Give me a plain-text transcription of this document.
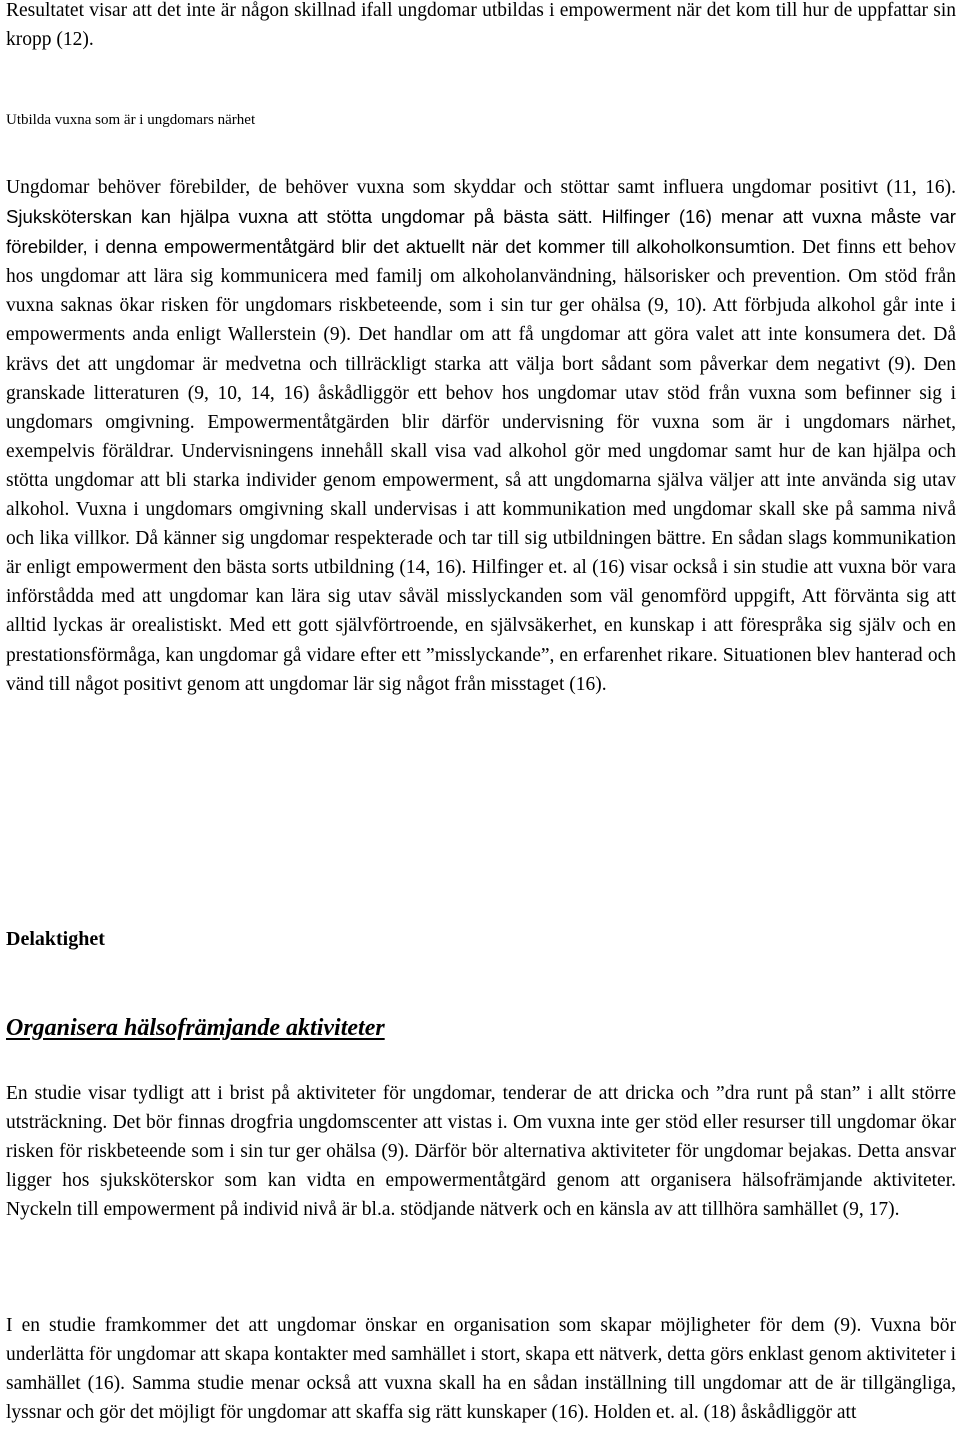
Resultatet visar att det inte är någon skillnad ifall ungdomar utbildas i empowerment när det kom till hur de uppfattar sin kropp (12).

Utbilda vuxna som är i ungdomars närhet

Ungdomar behöver förebilder, de behöver vuxna som skyddar och stöttar samt influera ungdomar positivt (11, 16). Sjuksköterskan kan hjälpa vuxna att stötta ungdomar på bästa sätt. Hilfinger (16) menar att vuxna måste var förebilder, i denna empowermentåtgärd blir det aktuellt när det kommer till alkoholkonsumtion. Det finns ett behov hos ungdomar att lära sig kommunicera med familj om alkoholanvändning, hälsorisker och prevention. Om stöd från vuxna saknas ökar risken för ungdomars riskbeteende, som i sin tur ger ohälsa (9, 10). Att förbjuda alkohol går inte i empowerments anda enligt Wallerstein (9). Det handlar om att få ungdomar att göra valet att inte konsumera det. Då krävs det att ungdomar är medvetna och tillräckligt starka att välja bort sådant som påverkar dem negativt (9). Den granskade litteraturen (9, 10, 14, 16) åskådliggör ett behov hos ungdomar utav stöd från vuxna som befinner sig i ungdomars omgivning. Empowermentåtgärden blir därför undervisning för vuxna som är i ungdomars närhet, exempelvis föräldrar. Undervisningens innehåll skall visa vad alkohol gör med ungdomar samt hur de kan hjälpa och stötta ungdomar att bli starka individer genom empowerment, så att ungdomarna själva väljer att inte använda sig utav alkohol. Vuxna i ungdomars omgivning skall undervisas i att kommunikation med ungdomar skall ske på samma nivå och lika villkor. Då känner sig ungdomar respekterade och tar till sig utbildningen bättre. En sådan slags kommunikation är enligt empowerment den bästa sorts utbildning (14, 16). Hilfinger et. al (16) visar också i sin studie att vuxna bör vara införstådda med att ungdomar kan lära sig utav såväl misslyckanden som väl genomförd uppgift, Att förvänta sig att alltid lyckas är orealistiskt. Med ett gott självförtroende, en självsäkerhet, en kunskap i att förespråka sig själv och en prestationsförmåga, kan ungdomar gå vidare efter ett ”misslyckande”, en erfarenhet rikare. Situationen blev hanterad och vänd till något positivt genom att ungdomar lär sig något från misstaget (16).

Delaktighet

Organisera hälsofrämjande aktiviteter

En studie visar tydligt att i brist på aktiviteter för ungdomar, tenderar de att dricka och ”dra runt på stan” i allt större utsträckning. Det bör finnas drogfria ungdomscenter att vistas i. Om vuxna inte ger stöd eller resurser till ungdomar ökar risken för riskbeteende som i sin tur ger ohälsa (9). Därför bör alternativa aktiviteter för ungdomar bejakas. Detta ansvar ligger hos sjuksköterskor som kan vidta en empowermentåtgärd genom att organisera hälsofrämjande aktiviteter. Nyckeln till empowerment på individ nivå är bl.a. stödjande nätverk och en känsla av att tillhöra samhället (9, 17).

I en studie framkommer det att ungdomar önskar en organisation som skapar möjligheter för dem (9). Vuxna bör underlätta för ungdomar att skapa kontakter med samhället i stort, skapa ett nätverk, detta görs enklast genom aktiviteter i samhället (16). Samma studie menar också att vuxna skall ha en sådan inställning till ungdomar att de är tillgängliga, lyssnar och gör det möjligt för ungdomar att skaffa sig rätt kunskaper (16). Holden et. al. (18) åskådliggör att
